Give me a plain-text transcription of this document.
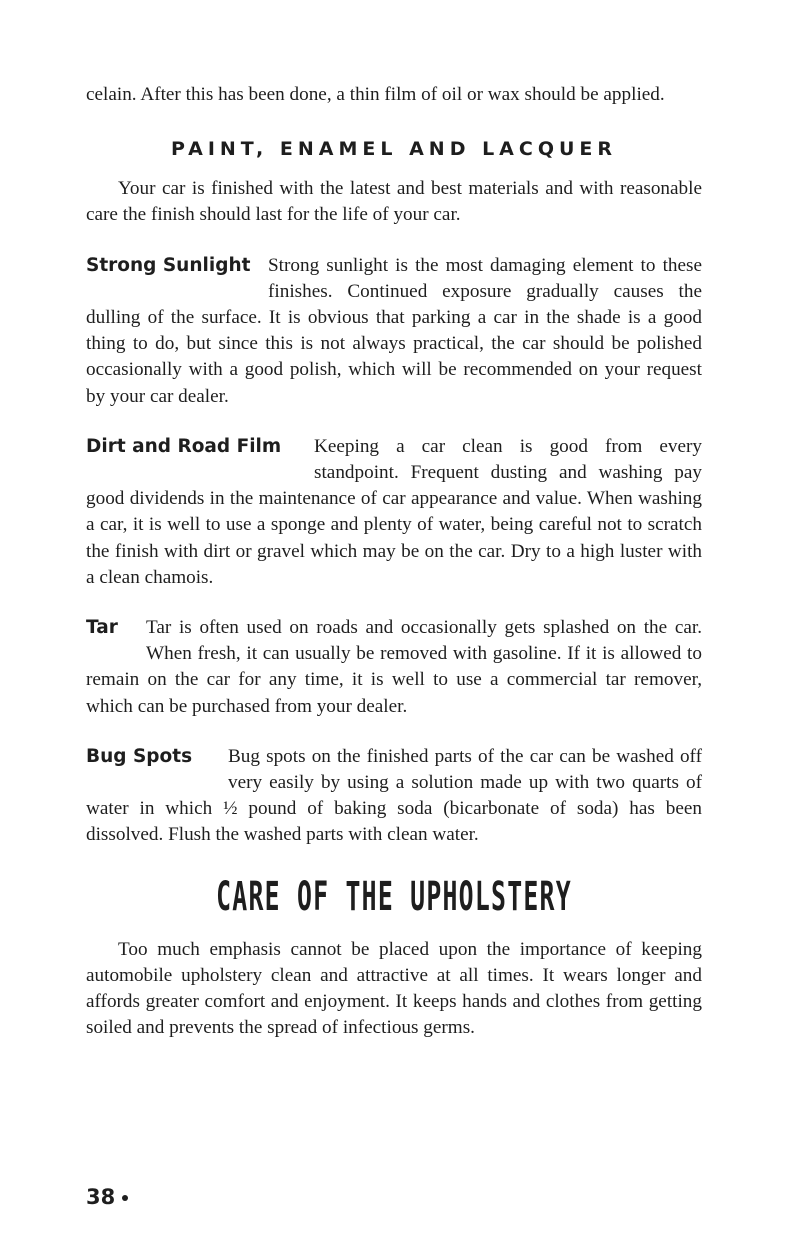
celain. After this has been done, a thin film of oil or wax should be applied.

PAINT, ENAMEL AND LACQUER

Your car is finished with the latest and best materials and with reasonable care the finish should last for the life of your car.

Strong Sunlight Strong sunlight is the most damaging element to these finishes. Continued exposure gradually causes the dulling of the surface. It is obvious that parking a car in the shade is a good thing to do, but since this is not always practical, the car should be polished occasionally with a good polish, which will be recommended on your request by your car dealer.

Dirt and Road Film	Keeping a car clean is good from every standpoint. Frequent dusting and washing pay good dividends in the maintenance of car appearance and value. When washing a car, it is well to use a sponge and plenty of water, being careful not to scratch the finish with dirt or gravel which may be on the car. Dry to a high luster with a clean chamois.

Tar	Tar is often used on roads and occasionally gets splashed on the car. When fresh, it can usually be removed with gasoline. If it is allowed to remain on the car for any time, it is well to use a commercial tar remover, which can be purchased from your dealer.

Bug Spots	Bug spots on the finished parts of the car can be washed off very easily by using a solution made up with two quarts of water in which ½ pound of baking soda (bicarbonate of soda) has been dissolved. Flush the washed parts with clean water.

CARE OF THE UPHOLSTERY

Too much emphasis cannot be placed upon the importance of keeping automobile upholstery clean and attractive at all times. It wears longer and affords greater comfort and enjoyment. It keeps hands and clothes from getting soiled and prevents the spread of infectious germs.

38
